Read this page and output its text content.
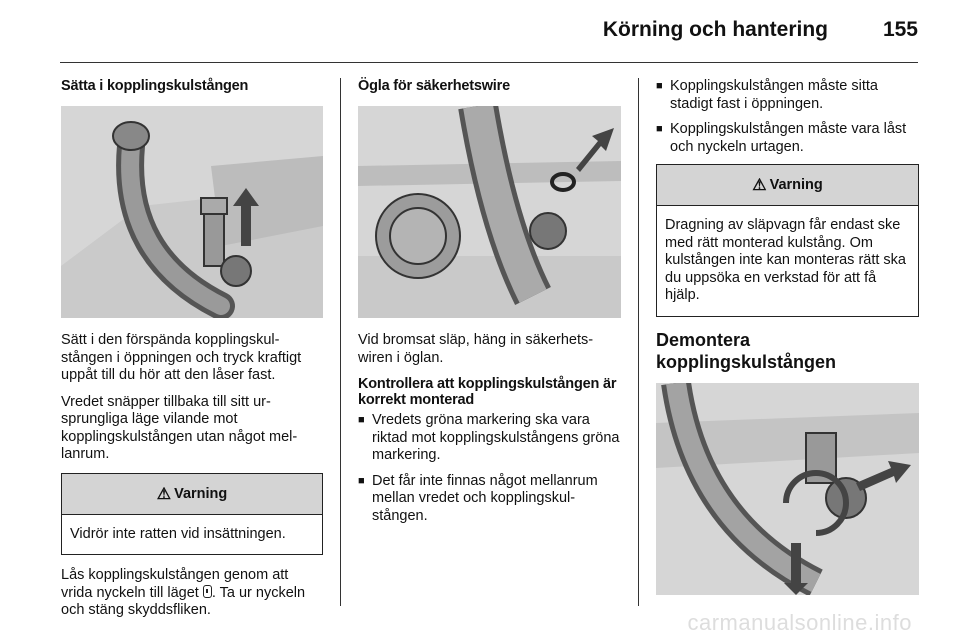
Körning och hantering	155
Sätta i kopplingskulstången

Sätt i den förspända kopplingskul-stången i öppningen och tryck kraftigt uppåt till du hör att den låser fast.

Vredet snäpper tillbaka till sitt ur-sprungliga läge vilande mot kopplingskulstången utan något mel-lanrum.

⚠ Varning
Vidrör inte ratten vid insättningen.

Lås kopplingskulstången genom att vrida nyckeln till läget . Ta ur nyckeln och stäng skyddsfliken.

Ögla för säkerhetswire

Vid bromsat släp, häng in säkerhets-wiren i öglan.

Kontrollera att kopplingskulstången är korrekt monterad
■ Vredets gröna markering ska vara riktad mot kopplingskulstångens gröna markering.
■ Det får inte finnas något mellanrum mellan vredet och kopplingskul-stången.
■ Kopplingskulstången måste sitta stadigt fast i öppningen.
■ Kopplingskulstången måste vara låst och nyckeln urtagen.
⚠ Varning
Dragning av släpvagn får endast ske med rätt monterad kulstång. Om kulstången inte kan monteras rätt ska du uppsöka en verkstad för att få hjälp.
Demontera kopplingskulstången
carmanualsonline.info
